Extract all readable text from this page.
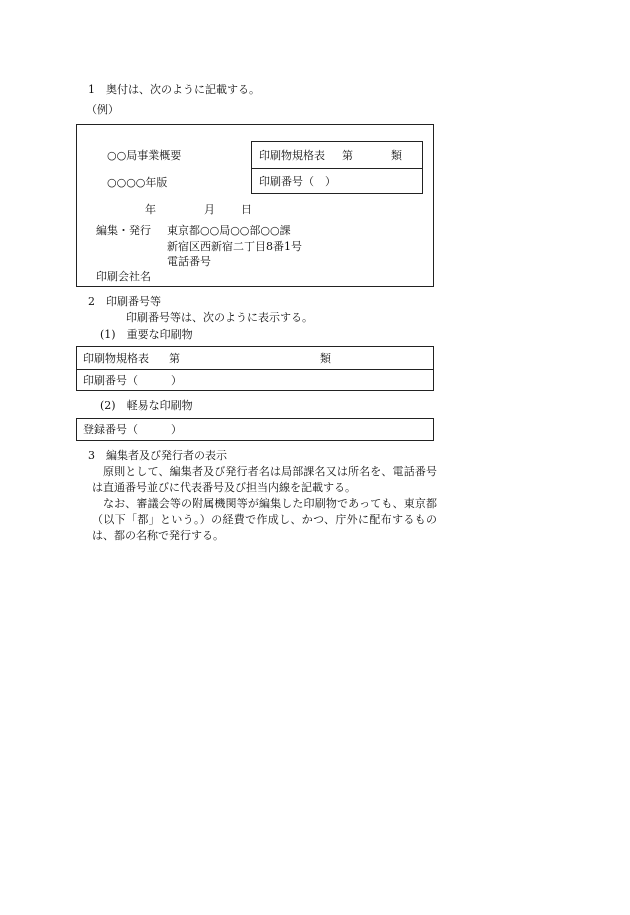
1　奥付は、次のように記載する。
（例）
○○局事業概要
○○○○年版
印刷物規格表 第	類
印刷番号（　）
年	月 日
編集・発行 東京都○○局○○部○○課
新宿区西新宿二丁目8番1号
電話番号
印刷会社名
2　印刷番号等
印刷番号等は、次のように表示する。
(1)　重要な印刷物
印刷物規格表 第	類
印刷番号（　　　）
(2)　軽易な印刷物
登録番号（　　　）
3　編集者及び発行者の表示

原則として、編集者及び発行者名は局部課名又は所名を、電話番号は直通番号並びに代表番号及び担当内線を記載する。

なお、審議会等の附属機関等が編集した印刷物であっても、東京都（以下「都」という。）の経費で作成し、かつ、庁外に配布するものは、都の名称で発行する。
